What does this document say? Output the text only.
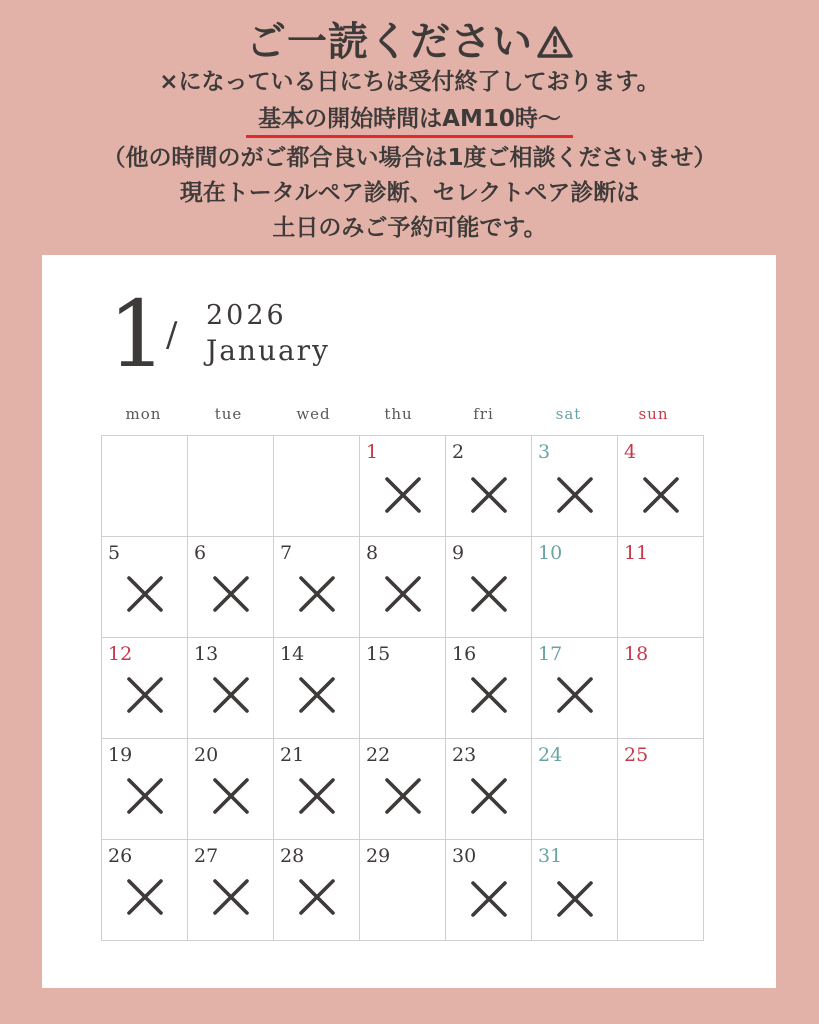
ご一読ください
×になっている日にちは受付終了しております。
基本の開始時間はAM10時〜
（他の時間のがご都合良い場合は1度ご相談くださいませ）
現在トータルペア診断、セレクトペア診断は
土日のみご予約可能です。
1 / 2026
January
mon	tue	wed	thu	fri	sat	sun

			1	2	3	4

5	6	7	8	9	10	11

12	13	14	15	16	17	18

19	20	21	22	23	24	25

26	27	28	29	30	31	
